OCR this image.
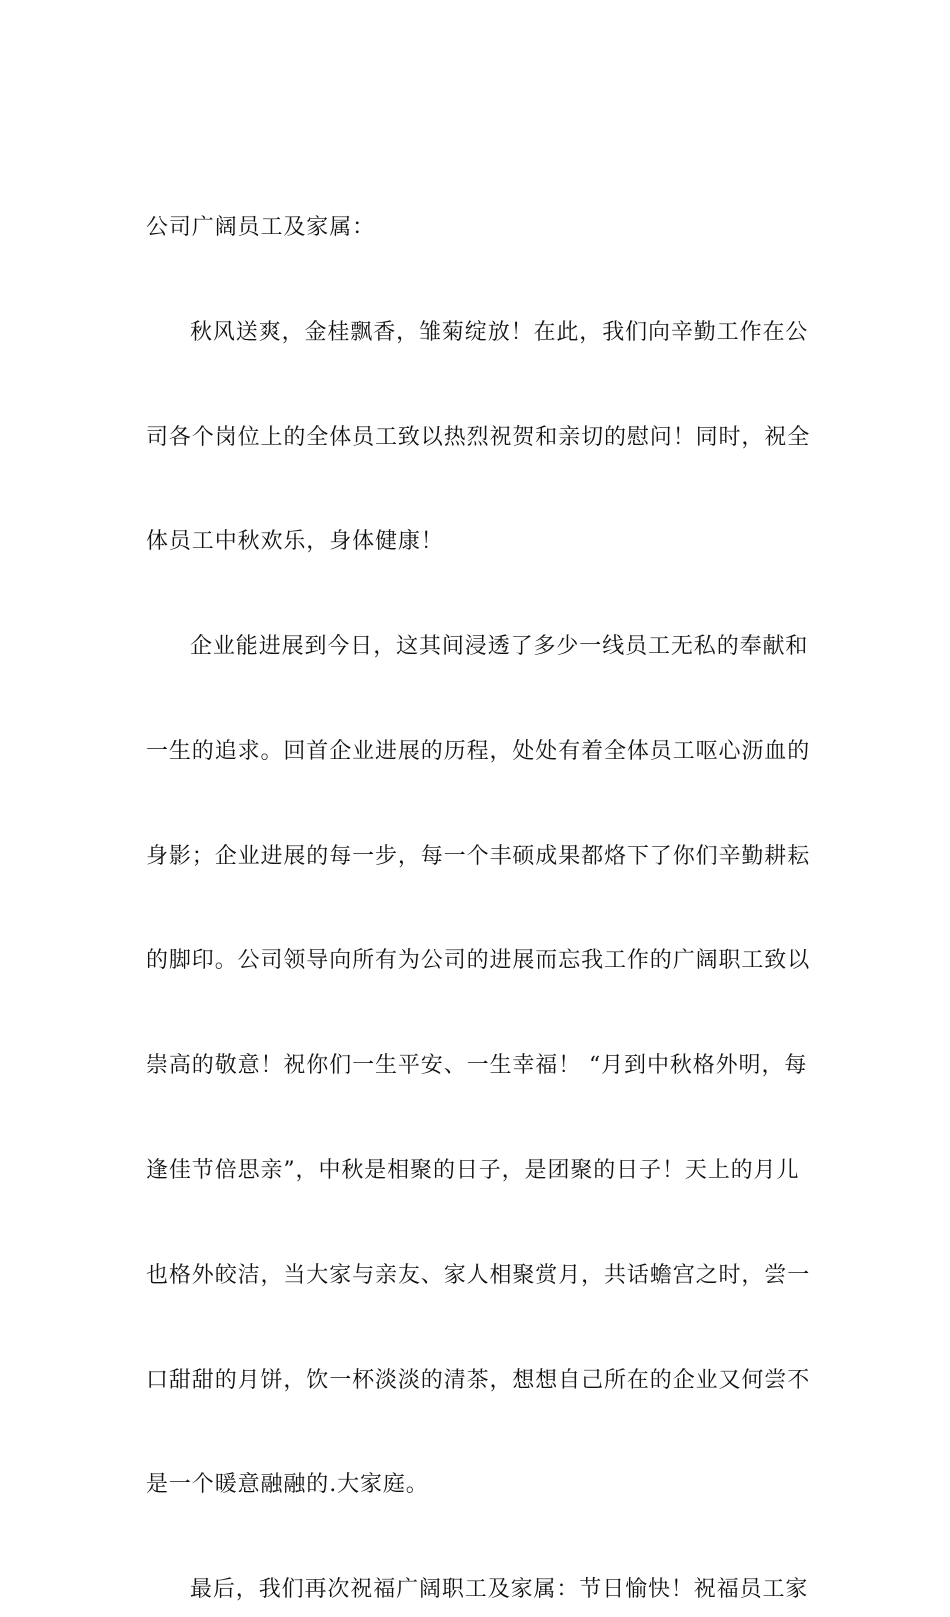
公司广阔员工及家属：
秋风送爽，金桂飘香，雏菊绽放！在此，我们向辛勤工作在公
司各个岗位上的全体员工致以热烈祝贺和亲切的慰问！同时，祝全
体员工中秋欢乐，身体健康！
企业能进展到今日，这其间浸透了多少一线员工无私的奉献和
一生的追求。回首企业进展的历程，处处有着全体员工呕心沥血的
身影；企业进展的每一步，每一个丰硕成果都烙下了你们辛勤耕耘
的脚印。公司领导向所有为公司的进展而忘我工作的广阔职工致以
崇高的敬意！祝你们一生平安、一生幸福！ “月到中秋格外明，每
逢佳节倍思亲”，中秋是相聚的日子，是团聚的日子！天上的月儿
也格外皎洁，当大家与亲友、家人相聚赏月，共话蟾宫之时，尝一
口甜甜的月饼，饮一杯淡淡的清茶，想想自己所在的企业又何尝不
是一个暖意融融的.大家庭。
最后，我们再次祝福广阔职工及家属：节日愉快！祝福员工家
